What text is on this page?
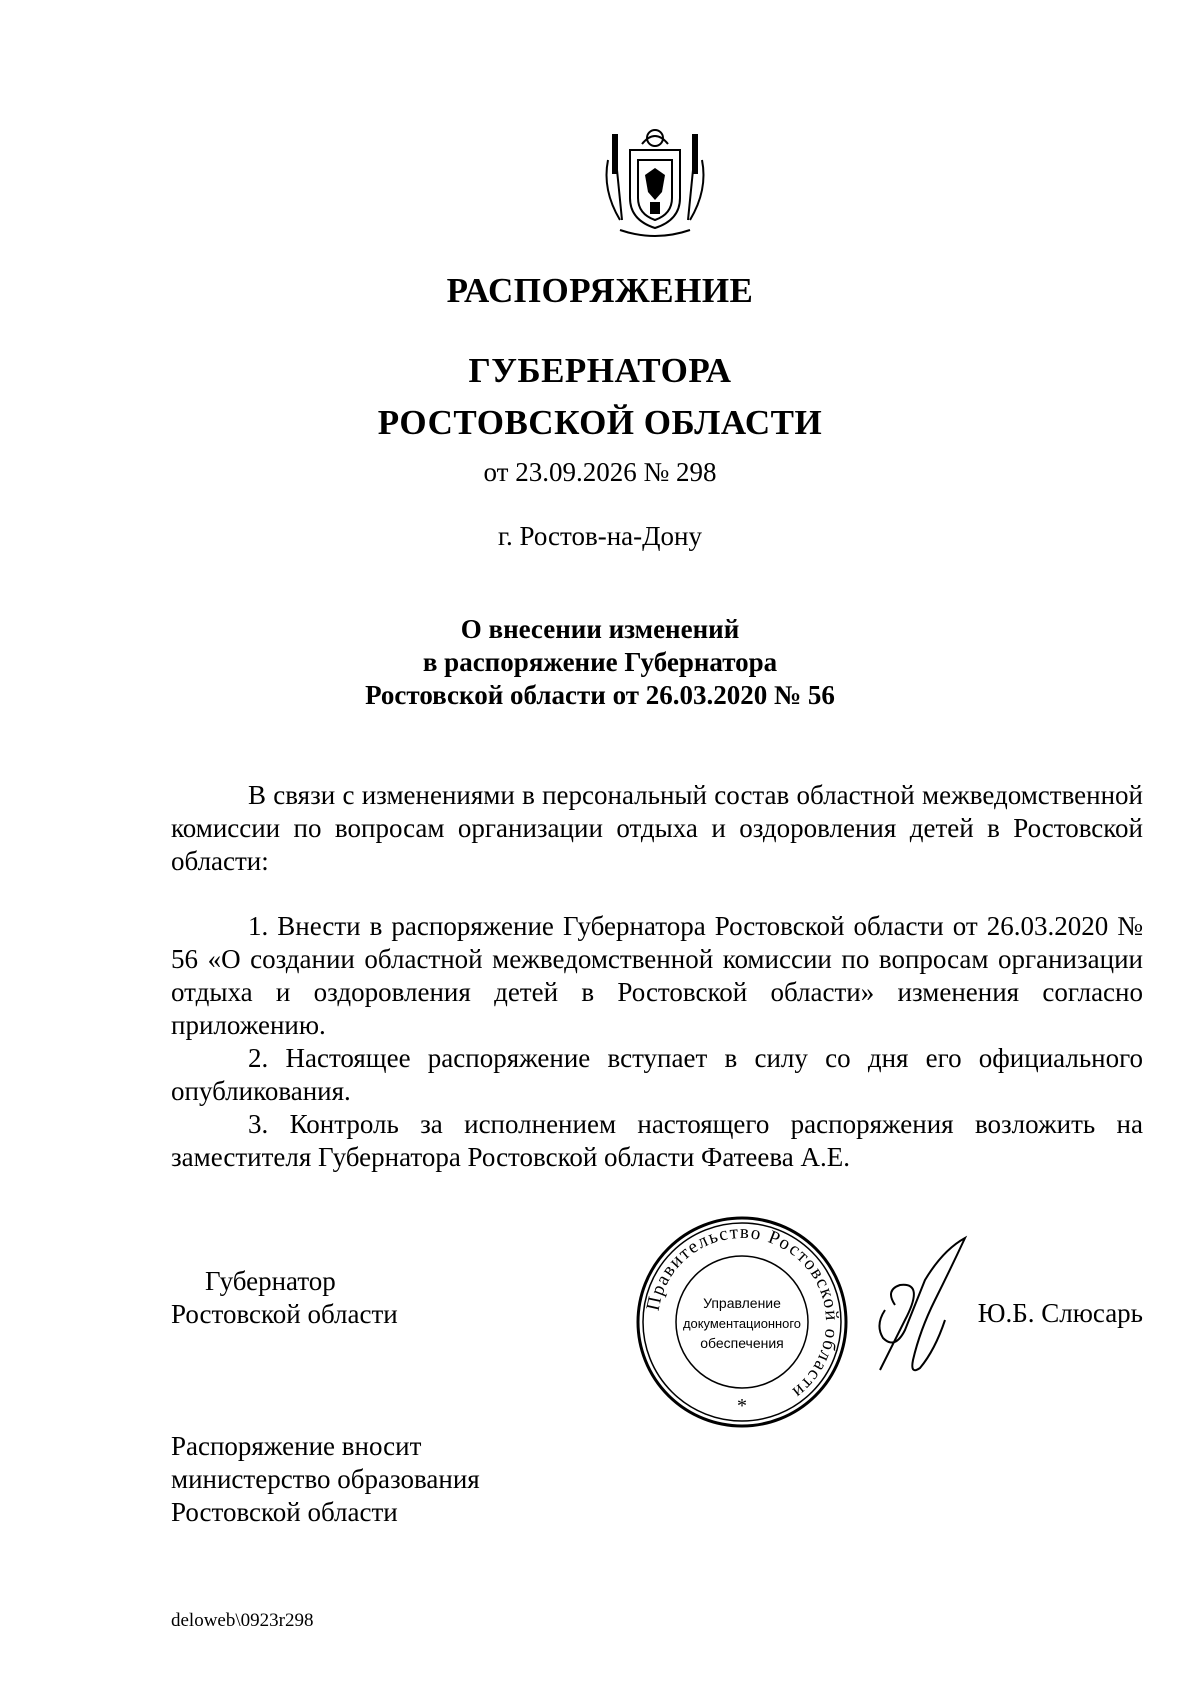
РАСПОРЯЖЕНИЕ
ГУБЕРНАТОРА
РОСТОВСКОЙ ОБЛАСТИ
от 23.09.2026 № 298
г. Ростов-на-Дону
О внесении изменений
в распоряжение Губернатора
Ростовской области от 26.03.2020 № 56

В связи с изменениями в персональный состав областной межведомственной комиссии по вопросам организации отдыха и оздоровления детей в Ростовской области:

1. Внести в распоряжение Губернатора Ростовской области от 26.03.2020 № 56 «О создании областной межведомственной комиссии по вопросам организации отдыха и оздоровления детей в Ростовской области» изменения согласно приложению.

2. Настоящее распоряжение вступает в силу со дня его официального опубликования.

3. Контроль за исполнением настоящего распоряжения возложить на заместителя Губернатора Ростовской области Фатеева А.Е.

Губернатор
Ростовской области	Правительство Ростовской области
Управление
документационного
обеспечения
*
Ю.Б. Слюсарь
Распоряжение вносит
министерство образования
Ростовской области
deloweb\0923r298
